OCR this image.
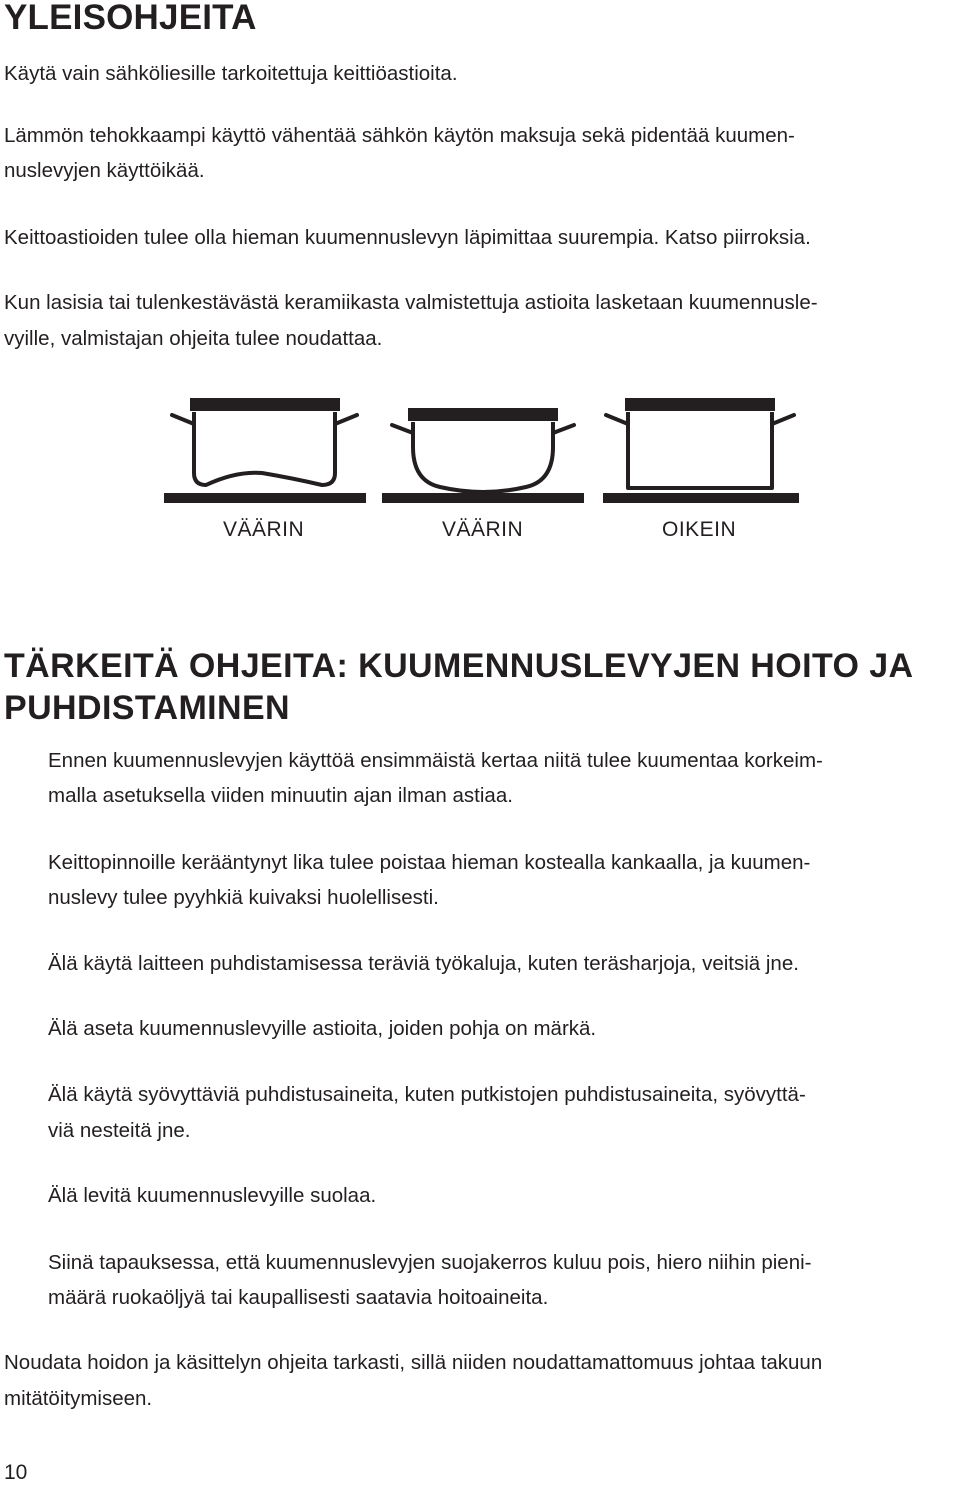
YLEISOHJEITA

Käytä vain sähköliesille tarkoitettuja keittiöastioita.

Lämmön tehokkaampi käyttö vähentää sähkön käytön maksuja sekä pidentää kuumen-

nuslevyjen käyttöikää.

Keittoastioiden tulee olla hieman kuumennuslevyn läpimittaa suurempia. Katso piirroksia.

Kun lasisia tai tulenkestävästä keramiikasta valmistettuja astioita lasketaan kuumennusle-

vyille, valmistajan ohjeita tulee noudattaa.

VÄÄRIN	VÄÄRIN	OIKEIN
TÄRKEITÄ OHJEITA: KUUMENNUSLEVYJEN HOITO JA PUHDISTAMINEN

Ennen kuumennuslevyjen käyttöä ensimmäistä kertaa niitä tulee kuumentaa korkeim-

malla asetuksella viiden minuutin ajan ilman astiaa.

Keittopinnoille kerääntynyt lika tulee poistaa hieman kostealla kankaalla, ja kuumen-

nuslevy tulee pyyhkiä kuivaksi huolellisesti.

Älä käytä laitteen puhdistamisessa teräviä työkaluja, kuten teräsharjoja, veitsiä jne.

Älä aseta kuumennuslevyille astioita, joiden pohja on märkä.

Älä käytä syövyttäviä puhdistusaineita, kuten putkistojen puhdistusaineita, syövyttä-

viä nesteitä jne.

Älä levitä kuumennuslevyille suolaa.

Siinä tapauksessa, että kuumennuslevyjen suojakerros kuluu pois, hiero niihin pieni-

määrä ruokaöljyä tai kaupallisesti saatavia hoitoaineita.

Noudata hoidon ja käsittelyn ohjeita tarkasti, sillä niiden noudattamattomuus johtaa takuun

mitätöitymiseen.

10
